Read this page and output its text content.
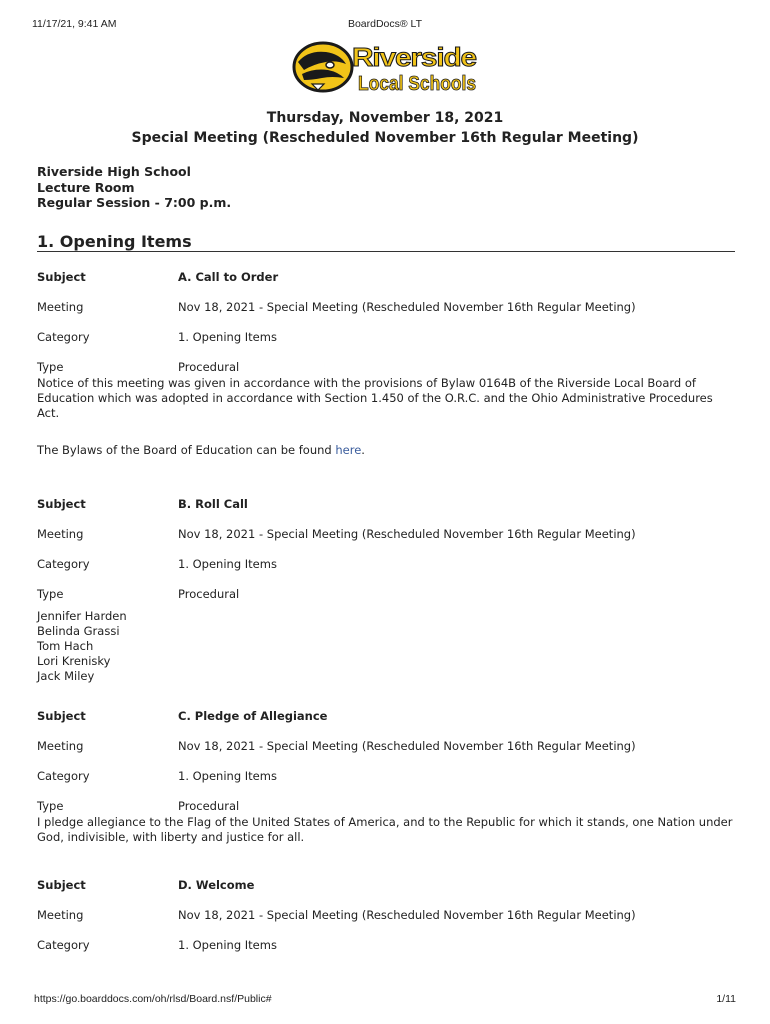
11/17/21, 9:41 AM	BoardDocs® LT
Riverside
Local Schools
Thursday, November 18, 2021
Special Meeting (Rescheduled November 16th Regular Meeting)
Riverside High School
Lecture Room
Regular Session - 7:00 p.m.
1. Opening Items
Subject	A. Call to Order
Meeting	Nov 18, 2021 - Special Meeting (Rescheduled November 16th Regular Meeting)
Category	1. Opening Items
Type	Procedural

Notice of this meeting was given in accordance with the provisions of Bylaw 0164B of the Riverside Local Board of Education which was adopted in accordance with Section 1.450 of the O.R.C. and the Ohio Administrative Procedures Act.

The Bylaws of the Board of Education can be found here.

Subject	B. Roll Call
Meeting	Nov 18, 2021 - Special Meeting (Rescheduled November 16th Regular Meeting)
Category	1. Opening Items
Type	Procedural
Jennifer Harden
Belinda Grassi
Tom Hach
Lori Krenisky
Jack Miley
Subject	C. Pledge of Allegiance
Meeting	Nov 18, 2021 - Special Meeting (Rescheduled November 16th Regular Meeting)
Category	1. Opening Items
Type	Procedural

I pledge allegiance to the Flag of the United States of America, and to the Republic for which it stands, one Nation under God, indivisible, with liberty and justice for all.

Subject	D. Welcome
Meeting	Nov 18, 2021 - Special Meeting (Rescheduled November 16th Regular Meeting)
Category	1. Opening Items
https://go.boarddocs.com/oh/rlsd/Board.nsf/Public#	1/11
